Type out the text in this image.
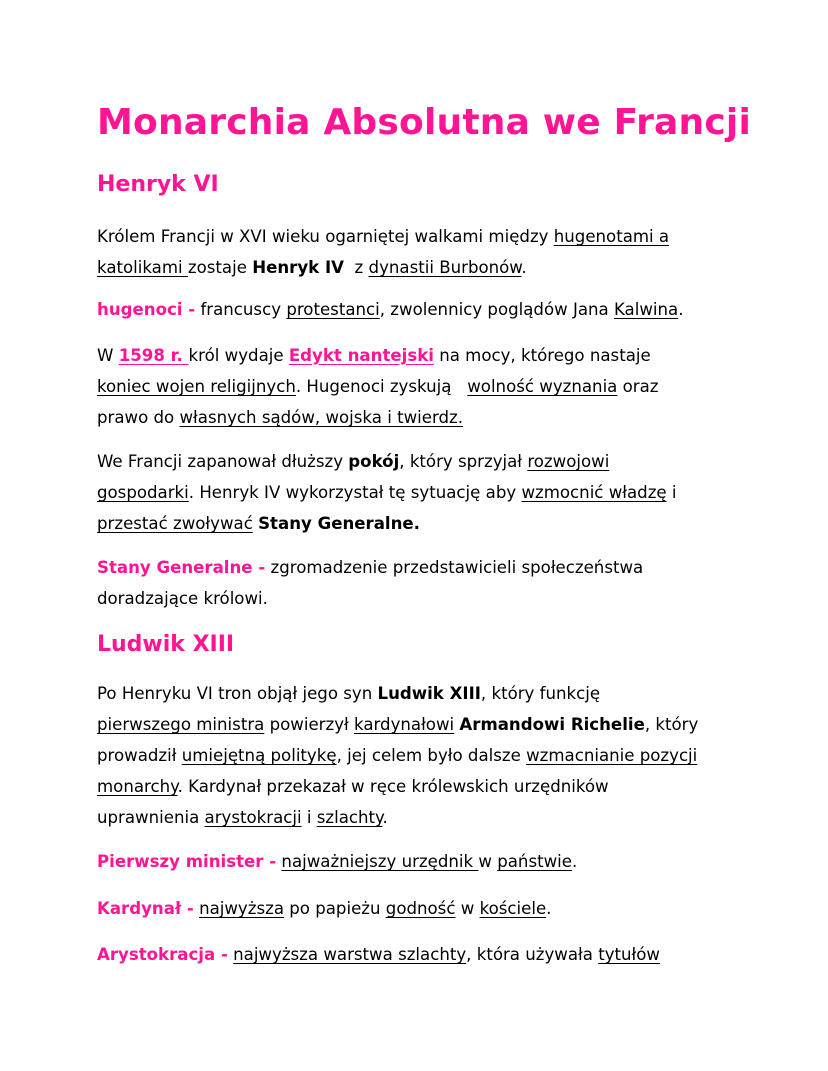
Monarchia Absolutna we Francji
Henryk VI

Królem Francji w XVI wieku ogarniętej walkami między hugenotami a
katolikami zostaje Henryk IV  z dynastii Burbonów.

hugenoci - francuscy protestanci, zwolennicy poglądów Jana Kalwina.

W 1598 r. król wydaje Edykt nantejski na mocy, którego nastaje
koniec wojen religijnych. Hugenoci zyskują   wolność wyznania oraz
prawo do własnych sądów, wojska i twierdz.

We Francji zapanował dłuższy pokój, który sprzyjał rozwojowi
gospodarki. Henryk IV wykorzystał tę sytuację aby wzmocnić władzę i
przestać zwoływać Stany Generalne.

Stany Generalne - zgromadzenie przedstawicieli społeczeństwa
doradzające królowi.

Ludwik XIII

Po Henryku VI tron objął jego syn Ludwik XIII, który funkcję
pierwszego ministra powierzył kardynałowi Armandowi Richelie, który
prowadził umiejętną politykę, jej celem było dalsze wzmacnianie pozycji
monarchy. Kardynał przekazał w ręce królewskich urzędników
uprawnienia arystokracji i szlachty.

Pierwszy minister - najważniejszy urzędnik w państwie.

Kardynał - najwyższa po papieżu godność w kościele.

Arystokracja - najwyższa warstwa szlachty, która używała tytułów
